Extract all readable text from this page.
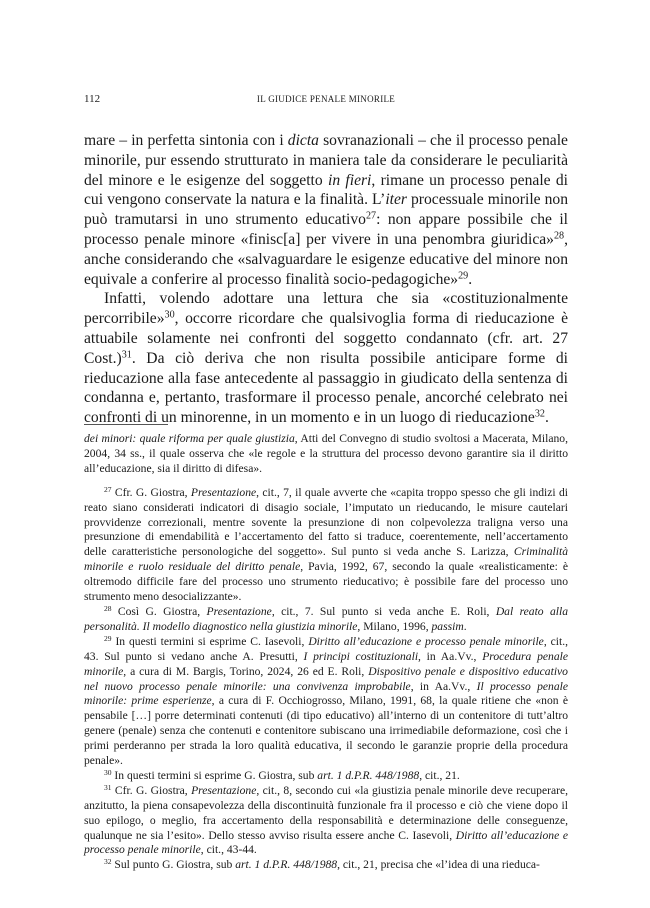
112	IL GIUDICE PENALE MINORILE

mare – in perfetta sintonia con i dicta sovranazionali – che il processo penale minorile, pur essendo strutturato in maniera tale da considerare le peculiarità del minore e le esigenze del soggetto in fieri, rimane un processo penale di cui vengono conservate la natura e la finalità. L’iter processuale minorile non può tramutarsi in uno strumento educativo$^{27}$: non appare possibile che il processo penale minore «finisc[a] per vivere in una penombra giuridica»$^{28}$, anche considerando che «salvaguardare le esigenze educative del minore non equivale a conferire al processo finalità socio-pedagogiche»$^{29}$.

Infatti, volendo adottare una lettura che sia «costituzionalmente percorribile»$^{30}$, occorre ricordare che qualsivoglia forma di rieducazione è attuabile solamente nei confronti del soggetto condannato (cfr. art. 27 Cost.)$^{31}$. Da ciò deriva che non risulta possibile anticipare forme di rieducazione alla fase antecedente al passaggio in giudicato della sentenza di condanna e, pertanto, trasformare il processo penale, ancorché celebrato nei confronti di un minorenne, in un momento e in un luogo di rieducazione$^{32}$.

dei minori: quale riforma per quale giustizia, Atti del Convegno di studio svoltosi a Macerata, Milano, 2004, 34 ss., il quale osserva che «le regole e la struttura del processo devono garantire sia il diritto all’educazione, sia il diritto di difesa».

$^{27}$ Cfr. G. Giostra, Presentazione, cit., 7, il quale avverte che «capita troppo spesso che gli indizi di reato siano considerati indicatori di disagio sociale, l’imputato un rieducando, le misure cautelari provvidenze correzionali, mentre sovente la presunzione di non colpevolezza traligna verso una presunzione di emendabilità e l’accertamento del fatto si traduce, coerentemente, nell’accertamento delle caratteristiche personologiche del soggetto». Sul punto si veda anche S. Larizza, Criminalità minorile e ruolo residuale del diritto penale, Pavia, 1992, 67, secondo la quale «realisticamente: è oltremodo difficile fare del processo uno strumento rieducativo; è possibile fare del processo uno strumento meno desocializzante».

$^{28}$ Così G. Giostra, Presentazione, cit., 7. Sul punto si veda anche E. Roli, Dal reato alla personalità. Il modello diagnostico nella giustizia minorile, Milano, 1996, passim.

$^{29}$ In questi termini si esprime C. Iasevoli, Diritto all’educazione e processo penale minorile, cit., 43. Sul punto si vedano anche A. Presutti, I principi costituzionali, in Aa.Vv., Procedura penale minorile, a cura di M. Bargis, Torino, 2024, 26 ed E. Roli, Dispositivo penale e dispositivo educativo nel nuovo processo penale minorile: una convivenza improbabile, in Aa.Vv., Il processo penale minorile: prime esperienze, a cura di F. Occhiogrosso, Milano, 1991, 68, la quale ritiene che «non è pensabile […] porre determinati contenuti (di tipo educativo) all’interno di un contenitore di tutt’altro genere (penale) senza che contenuti e contenitore subiscano una irrimediabile deformazione, così che i primi perderanno per strada la loro qualità educativa, il secondo le garanzie proprie della procedura penale».

$^{30}$ In questi termini si esprime G. Giostra, sub art. 1 d.P.R. 448/1988, cit., 21.

$^{31}$ Cfr. G. Giostra, Presentazione, cit., 8, secondo cui «la giustizia penale minorile deve recuperare, anzitutto, la piena consapevolezza della discontinuità funzionale fra il processo e ciò che viene dopo il suo epilogo, o meglio, fra accertamento della responsabilità e determinazione delle conseguenze, qualunque ne sia l’esito». Dello stesso avviso risulta essere anche C. Iasevoli, Diritto all’educazione e processo penale minorile, cit., 43-44.

$^{32}$ Sul punto G. Giostra, sub art. 1 d.P.R. 448/1988, cit., 21, precisa che «l’idea di una rieduca-
